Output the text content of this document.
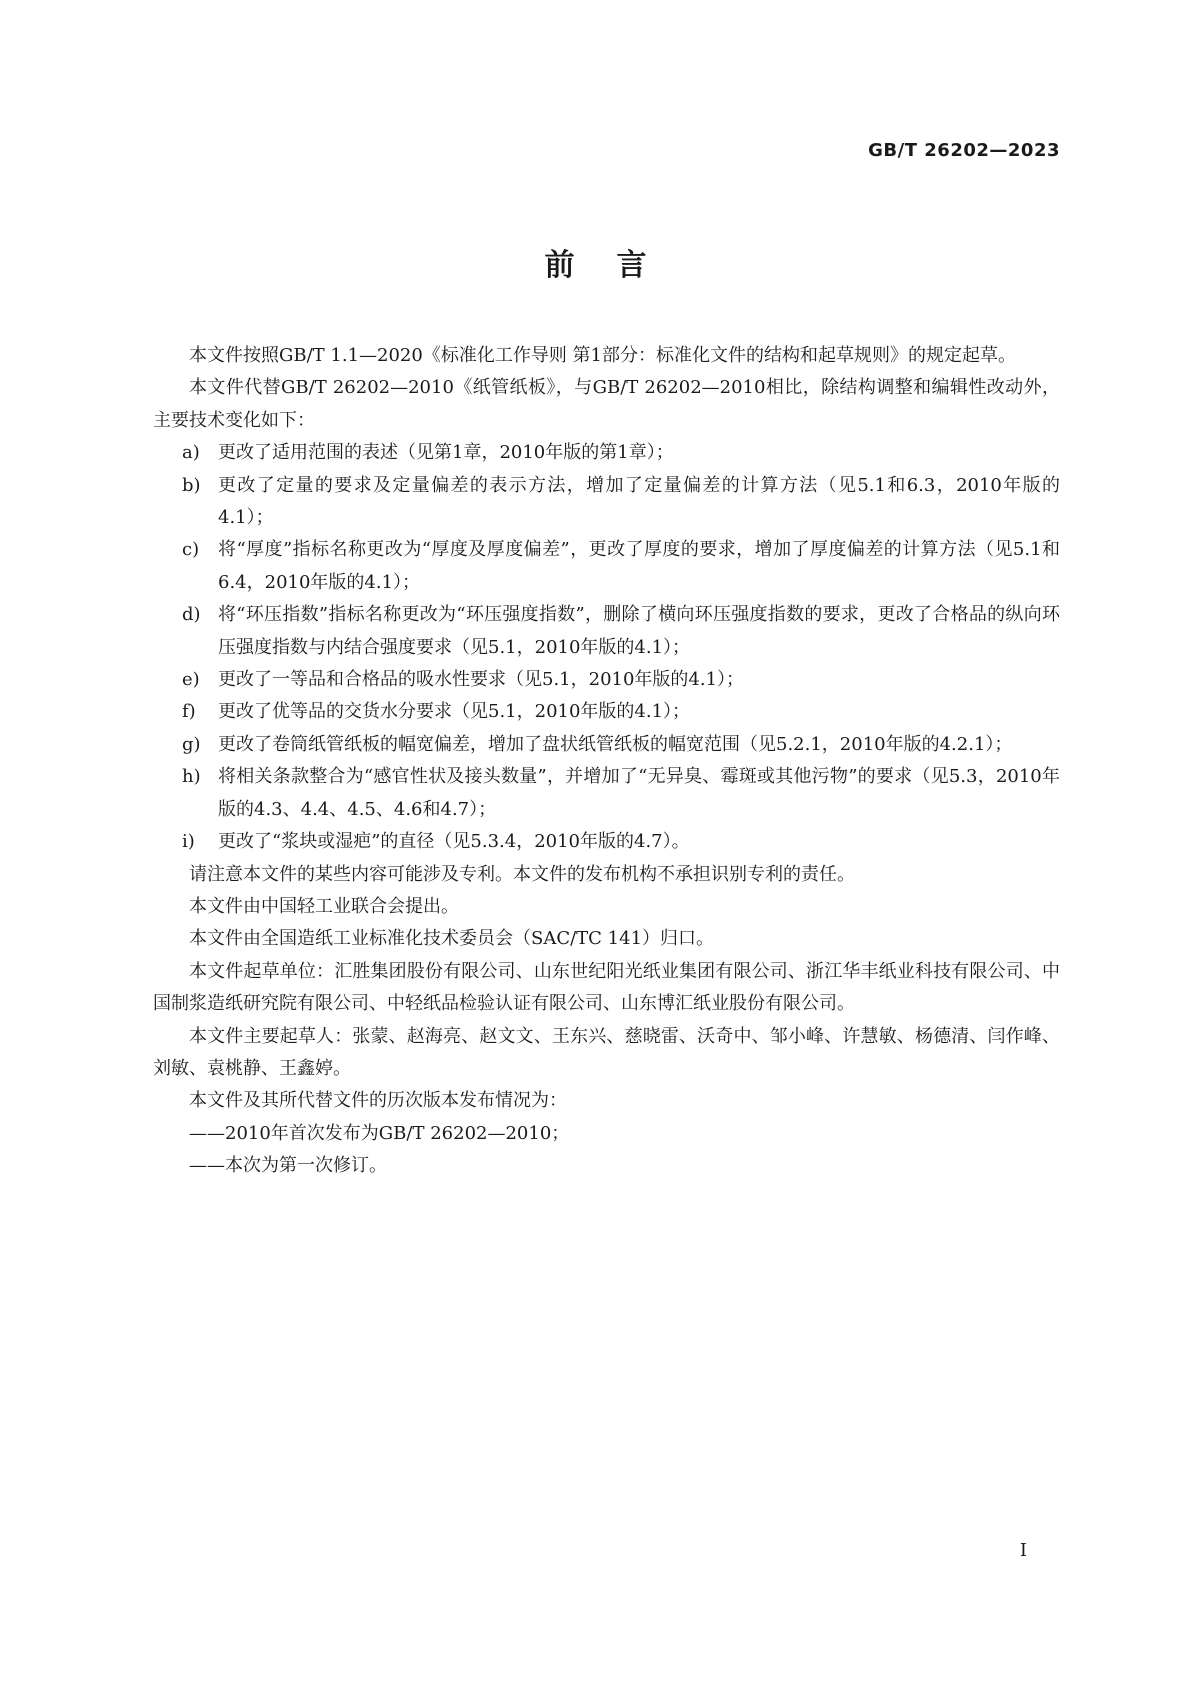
GB/T 26202—2023
前言
本文件按照GB/T 1.1—2020《标准化工作导则 第1部分：标准化文件的结构和起草规则》的规定起草。
本文件代替GB/T 26202—2010《纸管纸板》，与GB/T 26202—2010相比，除结构调整和编辑性改动外，主要技术变化如下：
a)	更改了适用范围的表述（见第1章，2010年版的第1章）；
b) 更改了定量的要求及定量偏差的表示方法，增加了定量偏差的计算方法（见5.1和6.3，2010年版的4.1）；
c)	将“厚度”指标名称更改为“厚度及厚度偏差”，更改了厚度的要求，增加了厚度偏差的计算方法（见5.1和6.4，2010年版的4.1）；
d) 将“环压指数”指标名称更改为“环压强度指数”，删除了横向环压强度指数的要求，更改了合格品的纵向环压强度指数与内结合强度要求（见5.1，2010年版的4.1）；
e)	更改了一等品和合格品的吸水性要求（见5.1，2010年版的4.1）；
f)	更改了优等品的交货水分要求（见5.1，2010年版的4.1）；
g) 更改了卷筒纸管纸板的幅宽偏差，增加了盘状纸管纸板的幅宽范围（见5.2.1，2010年版的4.2.1）；
h) 将相关条款整合为“感官性状及接头数量”，并增加了“无异臭、霉斑或其他污物”的要求（见5.3，2010年版的4.3、4.4、4.5、4.6和4.7）；
i)	更改了“浆块或湿疤”的直径（见5.3.4，2010年版的4.7）。
请注意本文件的某些内容可能涉及专利。本文件的发布机构不承担识别专利的责任。
本文件由中国轻工业联合会提出。
本文件由全国造纸工业标准化技术委员会（SAC/TC 141）归口。
本文件起草单位：汇胜集团股份有限公司、山东世纪阳光纸业集团有限公司、浙江华丰纸业科技有限公司、中国制浆造纸研究院有限公司、中轻纸品检验认证有限公司、山东博汇纸业股份有限公司。
本文件主要起草人：张蒙、赵海亮、赵文文、王东兴、慈晓雷、沃奇中、邹小峰、许慧敏、杨德清、闫作峰、刘敏、袁桃静、王鑫婷。
本文件及其所代替文件的历次版本发布情况为：
——2010年首次发布为GB/T 26202—2010；
——本次为第一次修订。
I
